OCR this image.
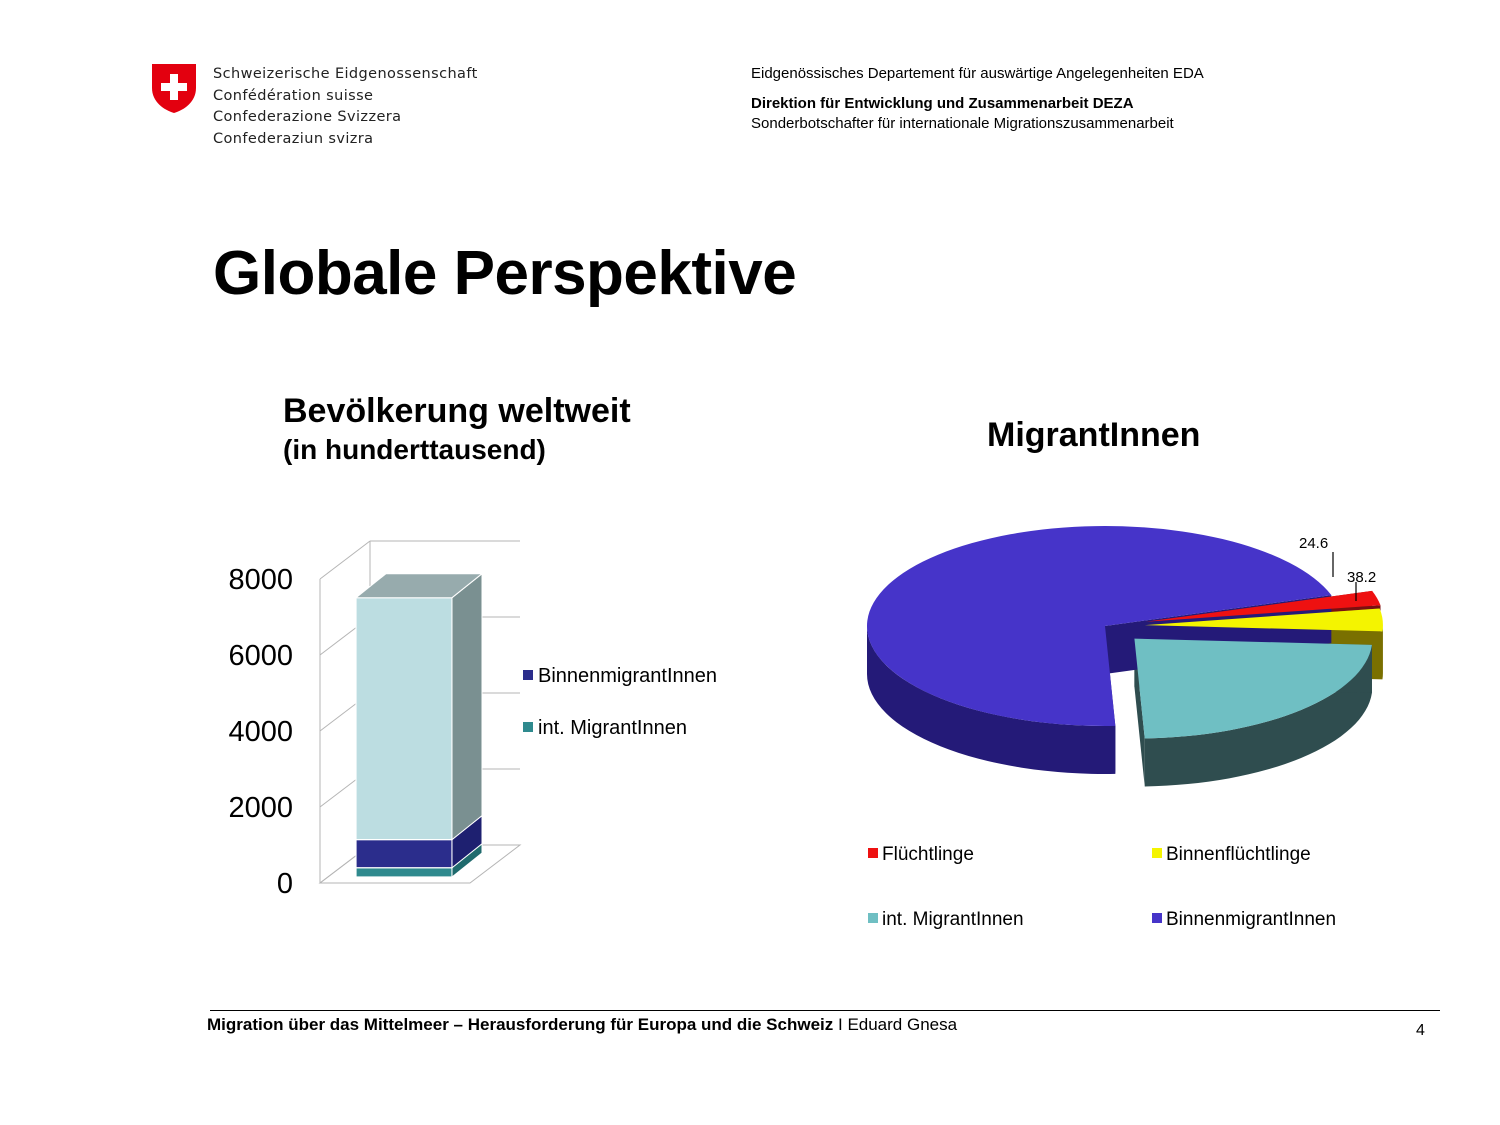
Schweizerische Eidgenossenschaft
Confédération suisse
Confederazione Svizzera
Confederaziun svizra
Eidgenössisches Departement für auswärtige Angelegenheiten EDA
Direktion für Entwicklung und Zusammenarbeit DEZA
Sonderbotschafter für internationale Migrationszusammenarbeit
Globale Perspektive
Bevölkerung weltweit
(in hunderttausend)	MigrantInnen
8000
6000
4000
2000
0
BinnenmigrantInnen
int. MigrantInnen
24.6
38.2
Flüchtlinge	Binnenflüchtlinge
int. MigrantInnen	BinnenmigrantInnen
Migration über das Mittelmeer – Herausforderung für Europa und die Schweiz I Eduard Gnesa	4
